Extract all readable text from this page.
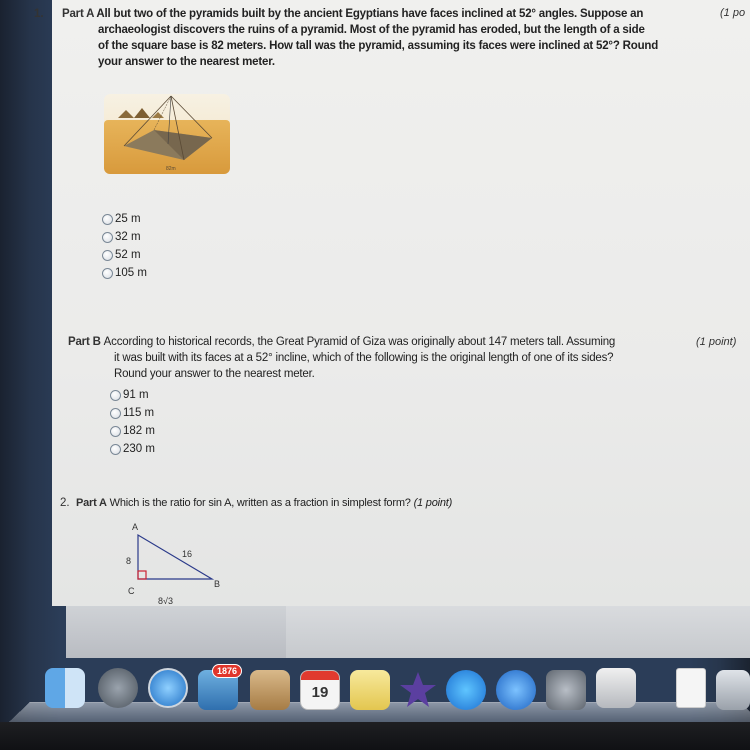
1. Part A All but two of the pyramids built by the ancient Egyptians have faces inclined at 52° angles. Suppose an
archaeologist discovers the ruins of a pyramid. Most of the pyramid has eroded, but the length of a side
of the square base is 82 meters. How tall was the pyramid, assuming its faces were inclined at 52°? Round
your answer to the nearest meter.
(1 po
82m
25 m
32 m
52 m
105 m
Part B According to historical records, the Great Pyramid of Giza was originally about 147 meters tall. Assuming
it was built with its faces at a 52° incline, which of the following is the original length of one of its sides?
Round your answer to the nearest meter.
(1 point)
91 m
115 m
182 m
230 m
2. Part A Which is the ratio for sin A, written as a fraction in simplest form? (1 point)
A
B
C
8
16
8√3
1876
19
